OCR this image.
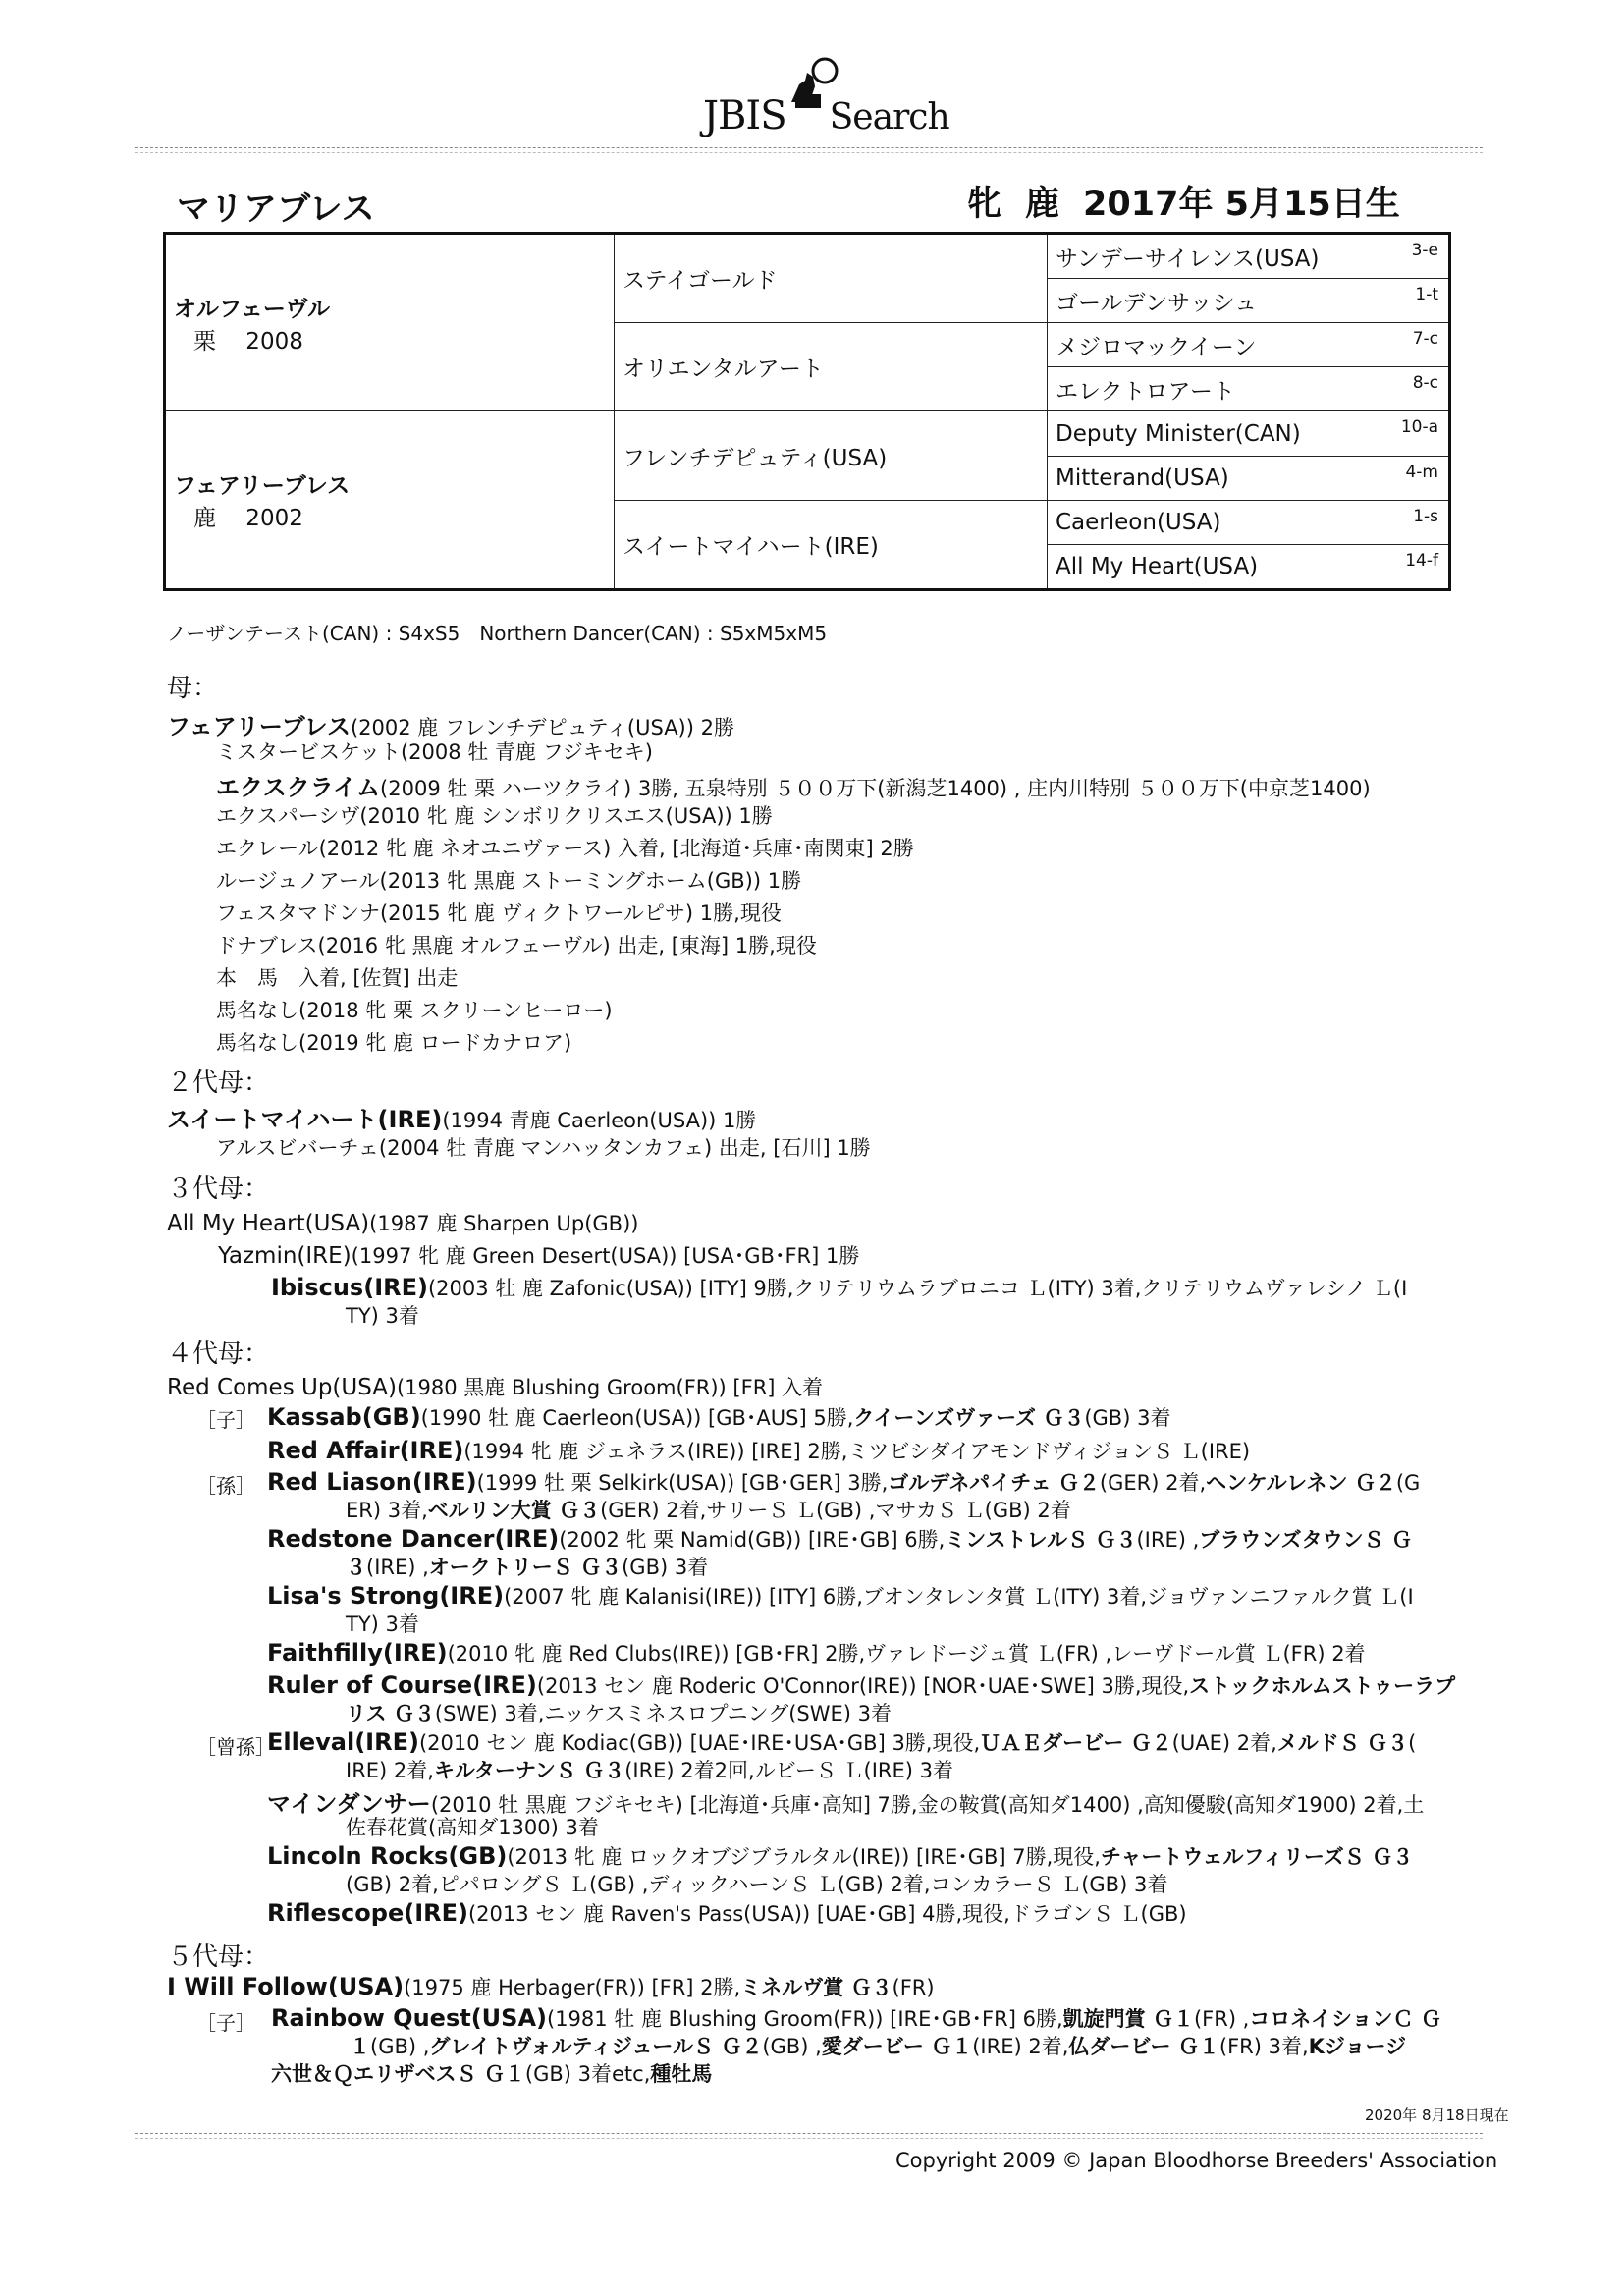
JBIS Search
マリアブレス	牝 鹿 2017年 5月15日生
オルフェーヴル
栗　 2008	ステイゴールド	サンデーサイレンス(USA) 3-e

		ゴールデンサッシュ 1-t

	オリエンタルアート	メジロマックイーン 7-c

		エレクトロアート 8-c

フェアリーブレス
鹿　 2002	フレンチデピュティ(USA)	Deputy Minister(CAN) 10-a

		Mitterand(USA) 4-m

	スイートマイハート(IRE)	Caerleon(USA) 1-s

		All My Heart(USA) 14-f
ノーザンテースト(CAN) : S4xS5　Northern Dancer(CAN) : S5xM5xM5
母：
フェアリーブレス(2002 鹿 フレンチデピュティ(USA)) 2勝
ミスタービスケット(2008 牡 青鹿 フジキセキ)
エクスクライム(2009 牡 栗 ハーツクライ) 3勝, 五泉特別 ５００万下(新潟芝1400) , 庄内川特別 ５００万下(中京芝1400)
エクスパーシヴ(2010 牝 鹿 シンボリクリスエス(USA)) 1勝
エクレール(2012 牝 鹿 ネオユニヴァース) 入着, [北海道･兵庫･南関東] 2勝
ルージュノアール(2013 牝 黒鹿 ストーミングホーム(GB)) 1勝
フェスタマドンナ(2015 牝 鹿 ヴィクトワールピサ) 1勝,現役
ドナブレス(2016 牝 黒鹿 オルフェーヴル) 出走, [東海] 1勝,現役
本　馬　入着, [佐賀] 出走
馬名なし(2018 牝 栗 スクリーンヒーロー)
馬名なし(2019 牝 鹿 ロードカナロア)
２代母：
スイートマイハート(IRE)(1994 青鹿 Caerleon(USA)) 1勝
アルスビバーチェ(2004 牡 青鹿 マンハッタンカフェ) 出走, [石川] 1勝
３代母：
All My Heart(USA)(1987 鹿 Sharpen Up(GB))
Yazmin(IRE)(1997 牝 鹿 Green Desert(USA)) [USA･GB･FR] 1勝
Ibiscus(IRE)(2003 牡 鹿 Zafonic(USA)) [ITY] 9勝,クリテリウムラブロニコ Ｌ(ITY) 3着,クリテリウムヴァレシノ Ｌ(I
TY) 3着
４代母：
Red Comes Up(USA)(1980 黒鹿 Blushing Groom(FR)) [FR] 入着
［子］ Kassab(GB)(1990 牡 鹿 Caerleon(USA)) [GB･AUS] 5勝,クイーンズヴァーズ Ｇ３(GB) 3着
Red Affair(IRE)(1994 牝 鹿 ジェネラス(IRE)) [IRE] 2勝,ミツビシダイアモンドヴィジョンＳ Ｌ(IRE)
［孫］ Red Liason(IRE)(1999 牡 栗 Selkirk(USA)) [GB･GER] 3勝,ゴルデネパイチェ Ｇ２(GER) 2着,ヘンケルレネン Ｇ２(G
ER) 3着,ベルリン大賞 Ｇ３(GER) 2着,サリーＳ Ｌ(GB) ,マサカＳ Ｌ(GB) 2着
Redstone Dancer(IRE)(2002 牝 栗 Namid(GB)) [IRE･GB] 6勝,ミンストレルＳ Ｇ３(IRE) ,ブラウンズタウンＳ Ｇ
３(IRE) ,オークトリーＳ Ｇ３(GB) 3着
Lisa's Strong(IRE)(2007 牝 鹿 Kalanisi(IRE)) [ITY] 6勝,ブオンタレンタ賞 Ｌ(ITY) 3着,ジョヴァンニファルク賞 Ｌ(I
TY) 3着
Faithfilly(IRE)(2010 牝 鹿 Red Clubs(IRE)) [GB･FR] 2勝,ヴァレドージュ賞 Ｌ(FR) ,レーヴドール賞 Ｌ(FR) 2着
Ruler of Course(IRE)(2013 セン 鹿 Roderic O'Connor(IRE)) [NOR･UAE･SWE] 3勝,現役,ストックホルムストゥーラプ
リス Ｇ３(SWE) 3着,ニッケスミネスロプニング(SWE) 3着
［曾孫］
Elleval(IRE)(2010 セン 鹿 Kodiac(GB)) [UAE･IRE･USA･GB] 3勝,現役,ＵＡＥダービー Ｇ２(UAE) 2着,メルドＳ Ｇ３(
IRE) 2着,キルターナンＳ Ｇ３(IRE) 2着2回,ルビーＳ Ｌ(IRE) 3着
マインダンサー(2010 牡 黒鹿 フジキセキ) [北海道･兵庫･高知] 7勝,金の鞍賞(高知ダ1400) ,高知優駿(高知ダ1900) 2着,土
佐春花賞(高知ダ1300) 3着
Lincoln Rocks(GB)(2013 牝 鹿 ロックオブジブラルタル(IRE)) [IRE･GB] 7勝,現役,チャートウェルフィリーズＳ Ｇ３
(GB) 2着,ピパロングＳ Ｌ(GB) ,ディックハーンＳ Ｌ(GB) 2着,コンカラーＳ Ｌ(GB) 3着
Riflescope(IRE)(2013 セン 鹿 Raven's Pass(USA)) [UAE･GB] 4勝,現役,ドラゴンＳ Ｌ(GB)
５代母：
I Will Follow(USA)(1975 鹿 Herbager(FR)) [FR] 2勝,ミネルヴ賞 Ｇ３(FR)
［子］ Rainbow Quest(USA)(1981 牡 鹿 Blushing Groom(FR)) [IRE･GB･FR] 6勝,凱旋門賞 Ｇ１(FR) ,コロネイションＣ Ｇ
１(GB) ,グレイトヴォルティジュールＳ Ｇ２(GB) ,愛ダービー Ｇ１(IRE) 2着,仏ダービー Ｇ１(FR) 3着,Kジョージ
六世＆ＱエリザベスＳ Ｇ１(GB) 3着etc,種牡馬
2020年 8月18日現在
Copyright 2009 © Japan Bloodhorse Breeders' Association
